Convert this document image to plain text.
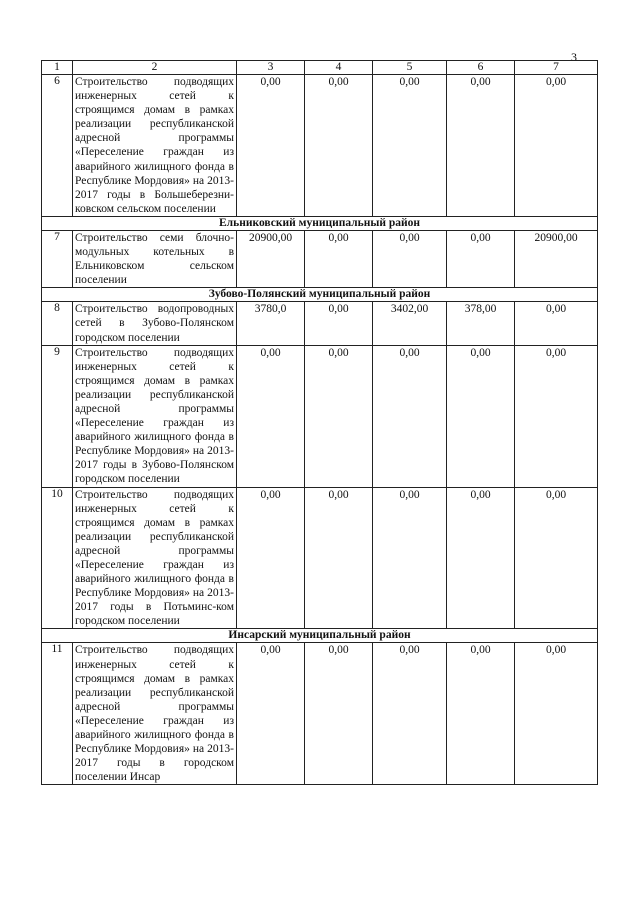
3
1	2	3	4	5	6	7
6	Строительство подводящих инженерных сетей к строящимся домам в рамках реализации республиканской адресной программы «Переселение граждан из аварийного жилищного фонда в Республике Мордовия» на 2013-2017 годы в Большеберезни-ковском сельском поселении	0,00	0,00	0,00	0,00	0,00
Ельниковский муниципальный район						
7	Строительство семи блочно-модульных котельных в Ельниковском сельском поселении	20900,00	0,00	0,00	0,00	20900,00
Зубово-Полянский муниципальный район						
8	Строительство водопроводных сетей в Зубово-Полянском городском поселении	3780,0	0,00	3402,00	378,00	0,00
9	Строительство подводящих инженерных сетей к строящимся домам в рамках реализации республиканской адресной программы «Переселение граждан из аварийного жилищного фонда в Республике Мордовия» на 2013-2017 годы в Зубово-Полянском городском поселении	0,00	0,00	0,00	0,00	0,00
10	Строительство подводящих инженерных сетей к строящимся домам в рамках реализации республиканской адресной программы «Переселение граждан из аварийного жилищного фонда в Республике Мордовия» на 2013-2017 годы в Потьминс-ком городском поселении	0,00	0,00	0,00	0,00	0,00
Инсарский муниципальный район						
11	Строительство подводящих инженерных сетей к строящимся домам в рамках реализации республиканской адресной программы «Переселение граждан из аварийного жилищного фонда в Республике Мордовия» на 2013-2017 годы в городском поселении Инсар	0,00	0,00	0,00	0,00	0,00
